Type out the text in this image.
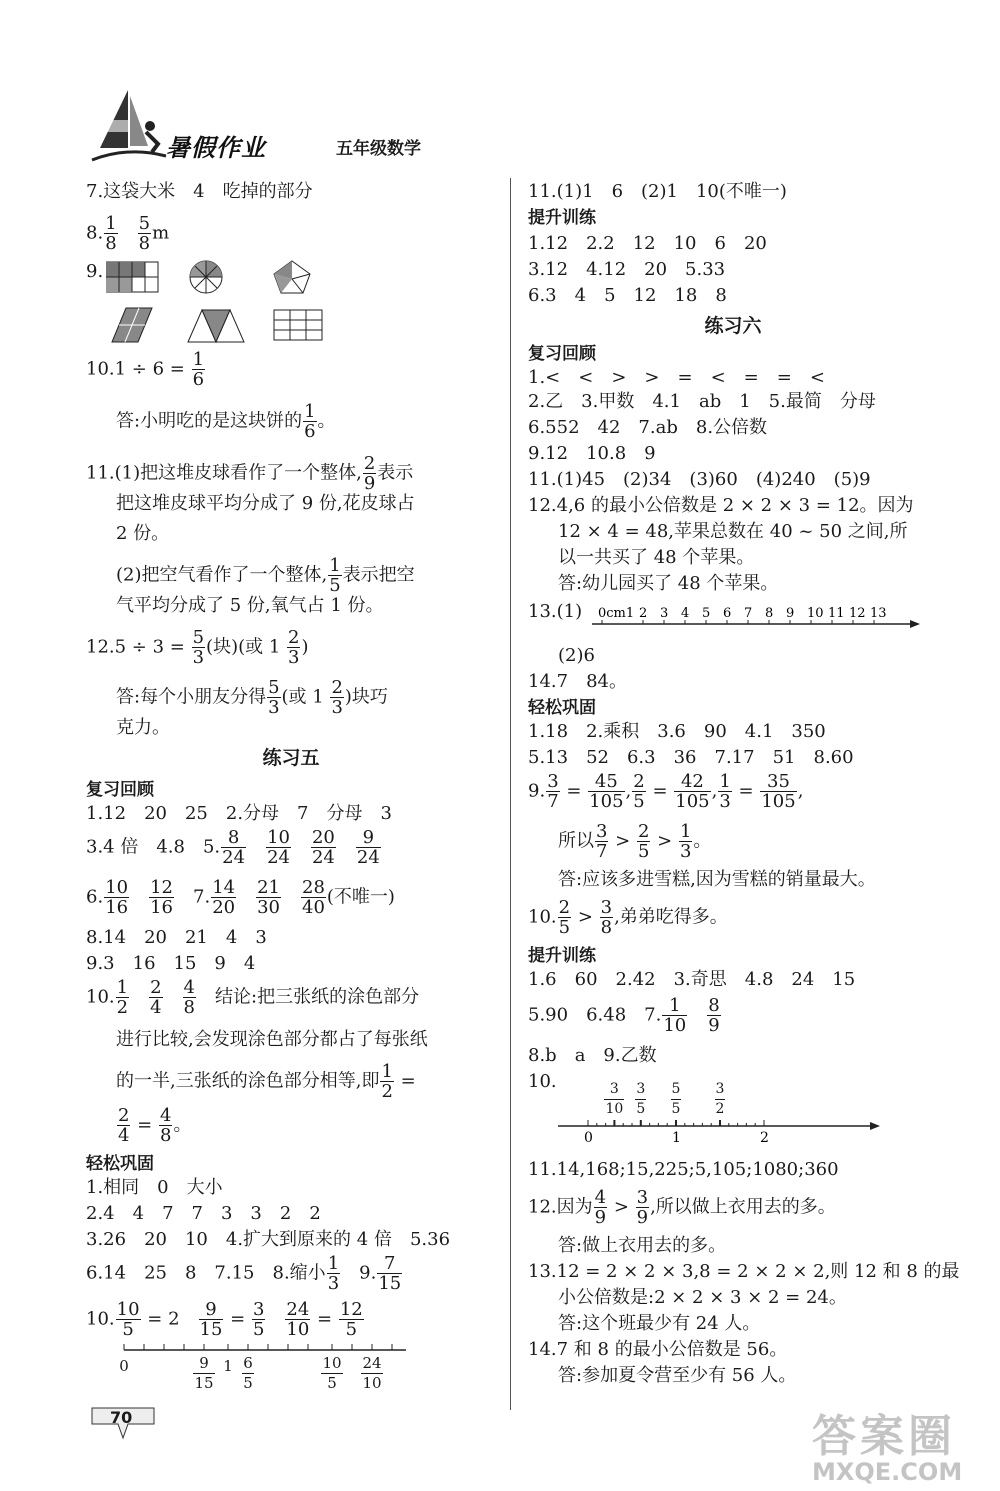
暑假作业	五年级数学
0	$\frac{9}{15} 1 \frac{6}{5}$	$\frac{10}{5} \frac{24}{10}$
7.这袋大米　4　吃掉的部分
8. $\frac{1}{8}$
　 $\frac{5}{8}$ m
9.
$10.1 \div 6 = \frac{1}{6}$
答:小明吃的是这块饼的 $\frac{1}{6}$ 。
11.(1)把这堆皮球看作了一个整体, $\frac{2}{9}$ 表示
把这堆皮球平均分成了 9 份,花皮球占
2 份。
(2)把空气看作了一个整体, $\frac{1}{5}$ 表示把空
气平均分成了 5 份,氧气占 1 份。
$12.5 \div 3 = \frac{5}{3}$ (块)(或 $1 \frac{2}{3}$ )
答:每个小朋友分得 $\frac{5}{3}$ (或 $1 \frac{2}{3}$ )块巧
克力。
练习五
复习回顾
1.12　20　25　2.分母　7　分母　3
3.4 倍　4.8　5. $\frac{8}{24}$
　 $\frac{10}{24}$
　 $\frac{20}{24}$
　 $\frac{9}{24}$
6. $\frac{10}{16}$
　 $\frac{12}{16}$ 　7. $\frac{14}{20}$
　 $\frac{21}{30}$
　 $\frac{28}{40}$ (不唯一)
8.14　20　21　4　3
9.3　16　15　9　4
10. $\frac{1}{2}$
　 $\frac{2}{4}$
　 $\frac{4}{8}$ 　结论:把三张纸的涂色部分
进行比较,会发现涂色部分都占了每张纸
的一半,三张纸的涂色部分相等,即 $\frac{1}{2}$ =
$\frac{2}{4} = \frac{4}{8}$ 。
轻松巩固
1.相同　0　大小
2.4　4　7　7　3　3　2　2
3.26　20　10　4.扩大到原来的 4 倍　5.36
6.14　25　8　7.15　8.缩小 $\frac{1}{3}$ 　9. $\frac{7}{15}$
10. $\frac{10}{5} = 2$　 $\frac{9}{15} = \frac{3}{5}$
　 $\frac{24}{10} = \frac{12}{5}$
0cm1 2 3 4 5 6 7 8 9 10 11 12 13
0	1	2
$\frac{3}{10} \frac{3}{5} \frac{5}{5} \frac{3}{2}$
11.(1)1　6　(2)1　10(不唯一)
提升训练
1.12　2.2　12　10　6　20
3.12　4.12　20　5.33
6.3　4　5　12　18　8
练习六
复习回顾
1.<　<　>　>　=　<　=　=　<
2.乙　3.甲数　4.1　ab　1　5.最简　分母
6.552　42　7.ab　8.公倍数
9.12　10.8　9
11.(1)45　(2)34　(3)60　(4)240　(5)9
12.4,6 的最小公倍数是 2 × 2 × 3 = 12。因为
12 × 4 = 48,苹果总数在 40 ~ 50 之间,所
以一共买了 48 个苹果。
答:幼儿园买了 48 个苹果。
13.(1)
(2)6
14.7　84。
轻松巩固
1.18　2.乘积　3.6　90　4.1　350
5.13　52　6.3　36　7.17　51　8.60
9. $\frac{3}{7} = \frac{45}{105}$ , $\frac{2}{5} = \frac{42}{105}$ , $\frac{1}{3} = \frac{35}{105}$ ,
所以 $\frac{3}{7} > \frac{2}{5} > \frac{1}{3}$ 。
答:应该多进雪糕,因为雪糕的销量最大。
10. $\frac{2}{5} > \frac{3}{8}$ ,弟弟吃得多。
提升训练
1.6　60　2.42　3.奇思　4.8　24　15
5.90　6.48　7. $\frac{1}{10}$
　 $\frac{8}{9}$
8.b　a　9.乙数
10.
11.14,168;15,225;5,105;1080;360
12.因为 $\frac{4}{9} > \frac{3}{9}$ ,所以做上衣用去的多。
答:做上衣用去的多。
13.12 = 2 × 2 × 3,8 = 2 × 2 × 2,则 12 和 8 的最
小公倍数是:2 × 2 × 3 × 2 = 24。
答:这个班最少有 24 人。
14.7 和 8 的最小公倍数是 56。
答:参加夏令营至少有 56 人。
70	答案圈
MXQE.COM
